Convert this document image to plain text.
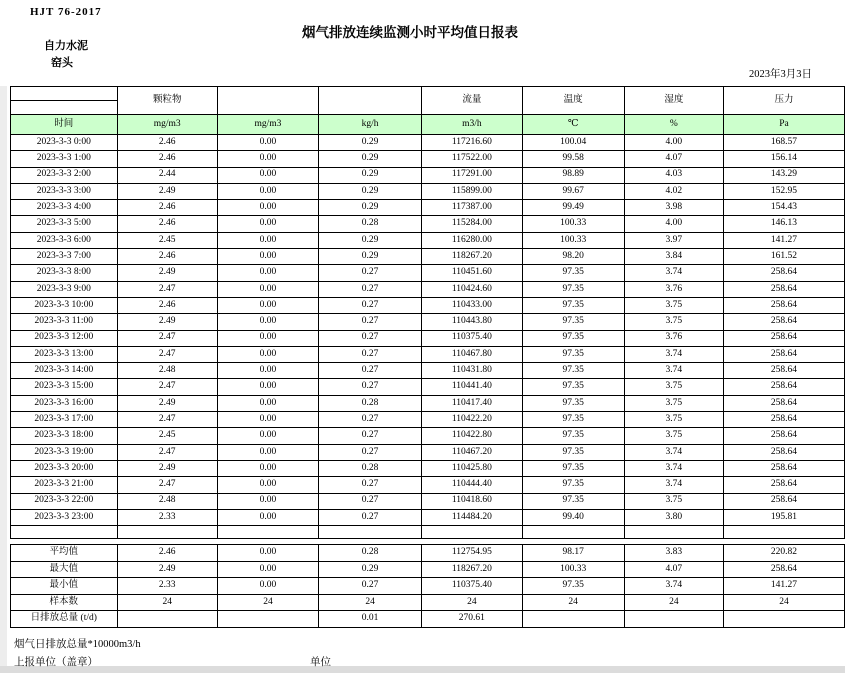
HJT 76-2017
烟气排放连续监测小时平均值日报表
自力水泥
窑头
2023年3月3日
	颗粒物			流量	温度	湿度	压力

时间	mg/m3	mg/m3	kg/h	m3/h	℃	%	Pa
2023-3-3 0:00	2.46	0.00	0.29	117216.60	100.04	4.00	168.57
2023-3-3 1:00	2.46	0.00	0.29	117522.00	99.58	4.07	156.14
2023-3-3 2:00	2.44	0.00	0.29	117291.00	98.89	4.03	143.29
2023-3-3 3:00	2.49	0.00	0.29	115899.00	99.67	4.02	152.95
2023-3-3 4:00	2.46	0.00	0.29	117387.00	99.49	3.98	154.43
2023-3-3 5:00	2.46	0.00	0.28	115284.00	100.33	4.00	146.13
2023-3-3 6:00	2.45	0.00	0.29	116280.00	100.33	3.97	141.27
2023-3-3 7:00	2.46	0.00	0.29	118267.20	98.20	3.84	161.52
2023-3-3 8:00	2.49	0.00	0.27	110451.60	97.35	3.74	258.64
2023-3-3 9:00	2.47	0.00	0.27	110424.60	97.35	3.76	258.64
2023-3-3 10:00	2.46	0.00	0.27	110433.00	97.35	3.75	258.64
2023-3-3 11:00	2.49	0.00	0.27	110443.80	97.35	3.75	258.64
2023-3-3 12:00	2.47	0.00	0.27	110375.40	97.35	3.76	258.64
2023-3-3 13:00	2.47	0.00	0.27	110467.80	97.35	3.74	258.64
2023-3-3 14:00	2.48	0.00	0.27	110431.80	97.35	3.74	258.64
2023-3-3 15:00	2.47	0.00	0.27	110441.40	97.35	3.75	258.64
2023-3-3 16:00	2.49	0.00	0.28	110417.40	97.35	3.75	258.64
2023-3-3 17:00	2.47	0.00	0.27	110422.20	97.35	3.75	258.64
2023-3-3 18:00	2.45	0.00	0.27	110422.80	97.35	3.75	258.64
2023-3-3 19:00	2.47	0.00	0.27	110467.20	97.35	3.74	258.64
2023-3-3 20:00	2.49	0.00	0.28	110425.80	97.35	3.74	258.64
2023-3-3 21:00	2.47	0.00	0.27	110444.40	97.35	3.74	258.64
2023-3-3 22:00	2.48	0.00	0.27	110418.60	97.35	3.75	258.64
2023-3-3 23:00	2.33	0.00	0.27	114484.20	99.40	3.80	195.81

平均值	2.46	0.00	0.28	112754.95	98.17	3.83	220.82
最大值	2.49	0.00	0.29	118267.20	100.33	4.07	258.64
最小值	2.33	0.00	0.27	110375.40	97.35	3.74	141.27
样本数	24	24	24	24	24	24	24
日排放总量 (t/d)			0.01	270.61			
烟气日排放总量*10000m3/h
上报单位（盖章）	单位
